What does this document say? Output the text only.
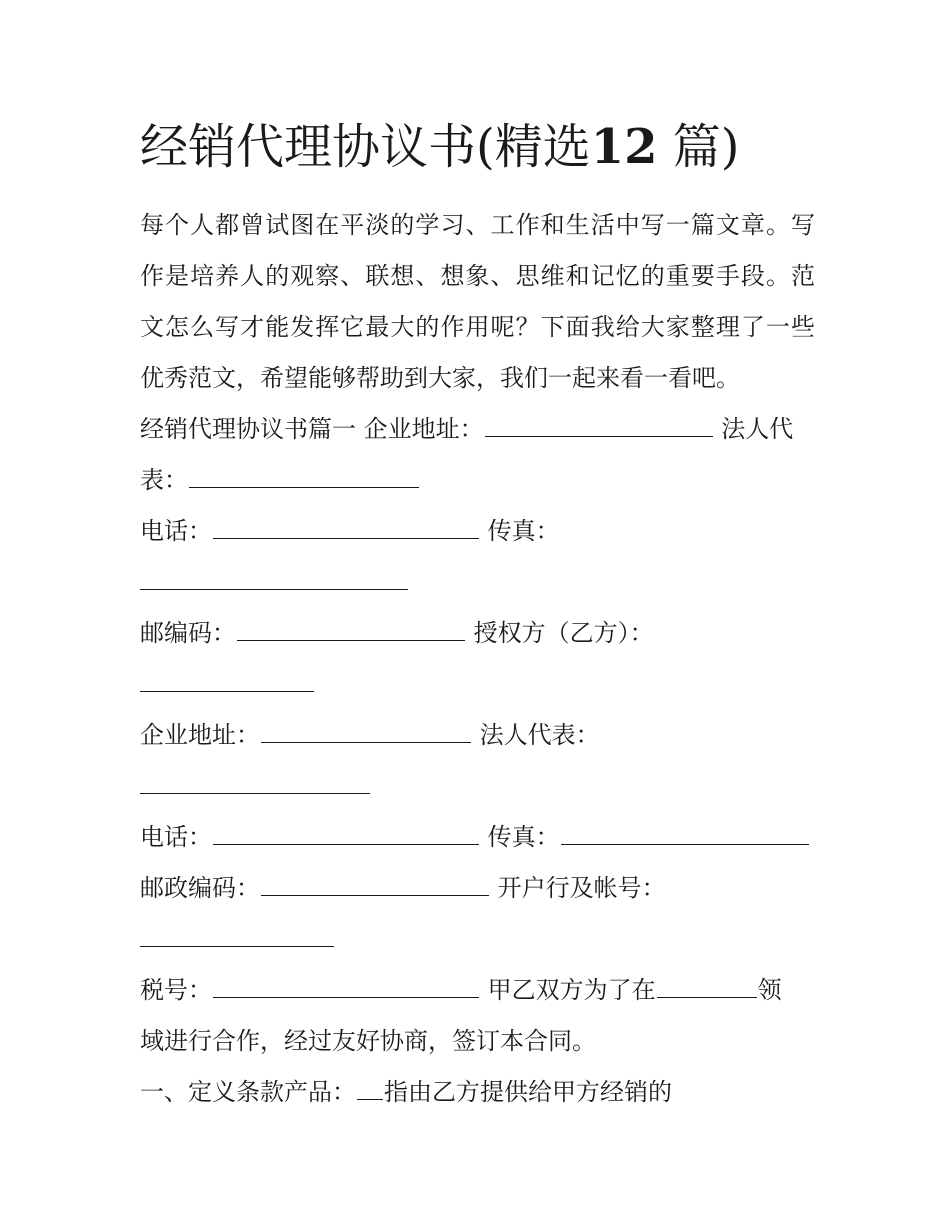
经销代理协议书(精选12 篇)
每个人都曾试图在平淡的学习、工作和生活中写一篇文章。写
作是培养人的观察、联想、想象、思维和记忆的重要手段。范
文怎么写才能发挥它最大的作用呢？下面我给大家整理了一些
优秀范文，希望能够帮助到大家，我们一起来看一看吧。
经销代理协议书篇一 企业地址：	法人代
表：
电话：	传真：
邮编码：	授权方（乙方）：
企业地址：	法人代表：
电话：	传真：
邮政编码：	开户行及帐号：
税号：	甲乙双方为了在	领
域进行合作，经过友好协商，签订本合同。
一、定义条款产品： 指由乙方提供给甲方经销的
